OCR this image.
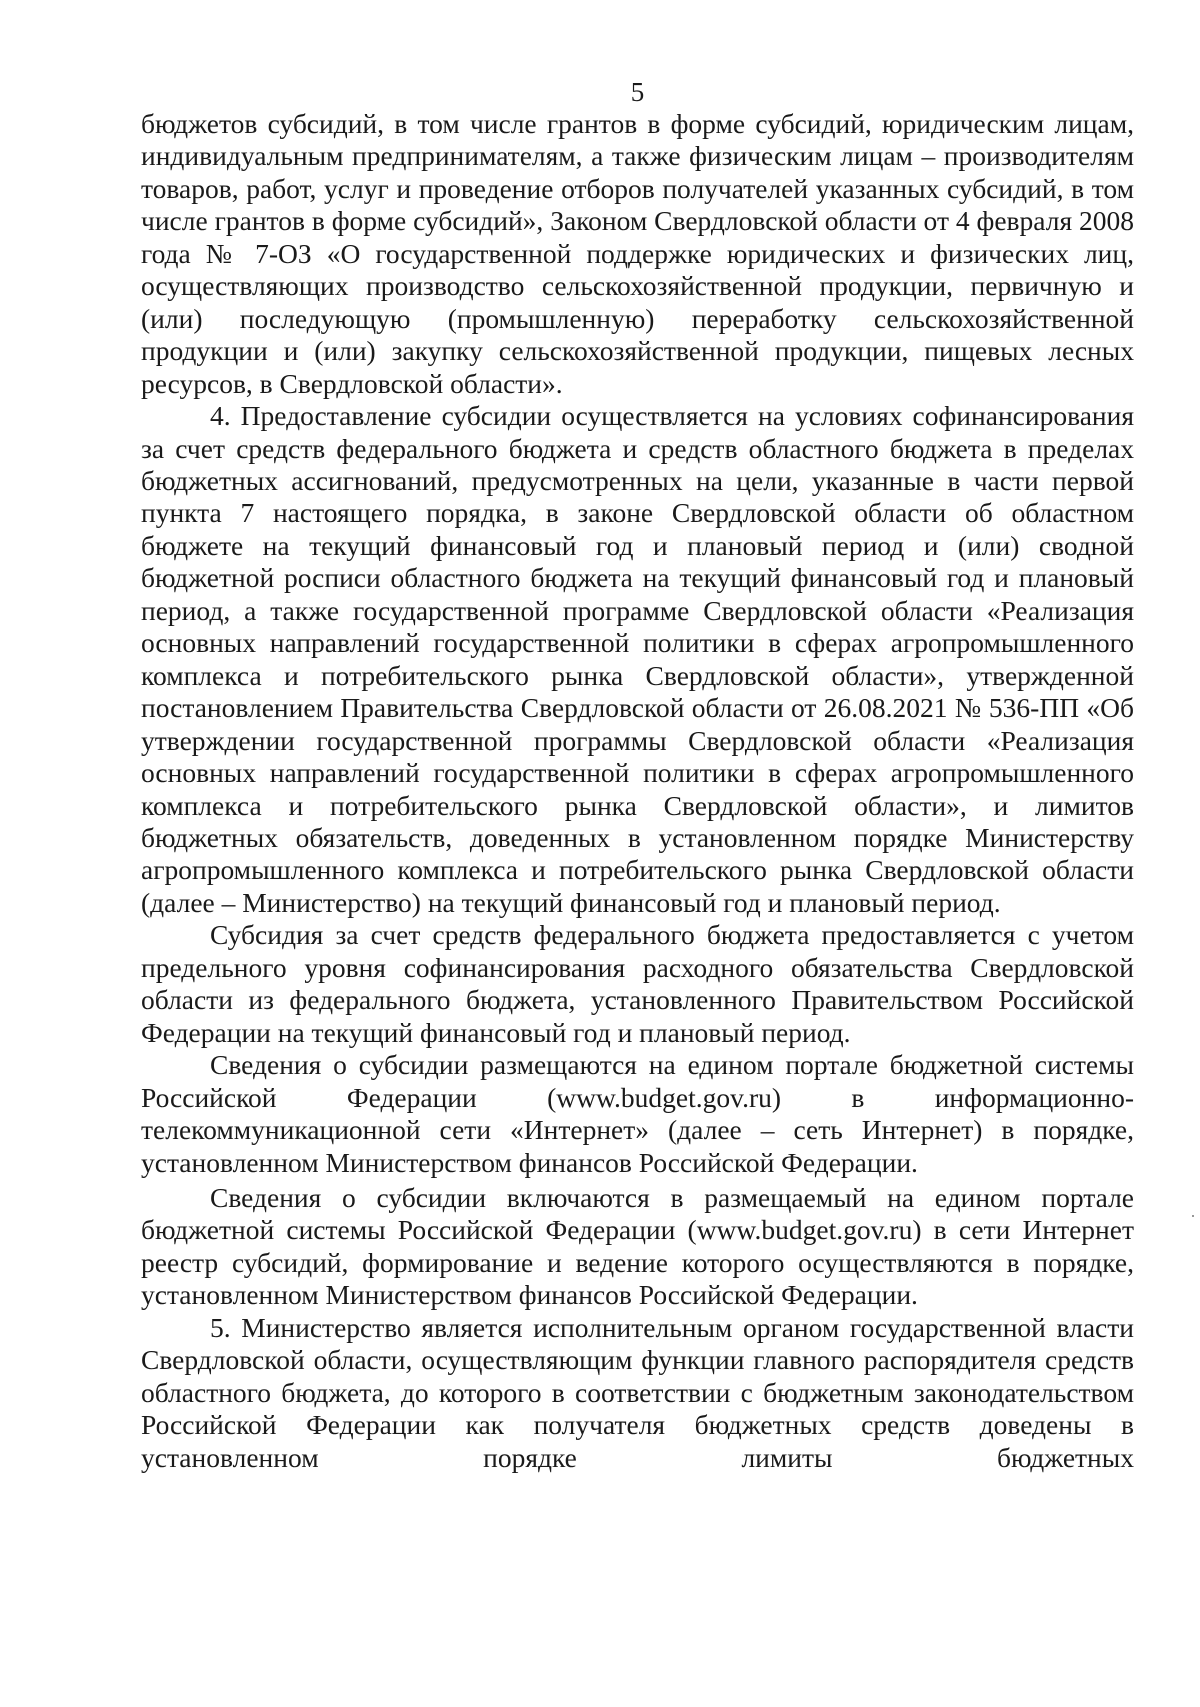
5

бюджетов субсидий, в том числе грантов в форме субсидий, юридическим лицам, индивидуальным предпринимателям, а также физическим лицам – производителям товаров, работ, услуг и проведение отборов получателей указанных субсидий, в том числе грантов в форме субсидий», Законом Свердловской области от 4 февраля 2008 года № 7-ОЗ «О государственной поддержке юридических и физических лиц, осуществляющих производство сельскохозяйственной продукции, первичную и (или) последующую (промышленную) переработку сельскохозяйственной продукции и (или) закупку сельскохозяйственной продукции, пищевых лесных ресурсов, в Свердловской области».

4. Предоставление субсидии осуществляется на условиях софинансирования за счет средств федерального бюджета и средств областного бюджета в пределах бюджетных ассигнований, предусмотренных на цели, указанные в части первой пункта 7 настоящего порядка, в законе Свердловской области об областном бюджете на текущий финансовый год и плановый период и (или) сводной бюджетной росписи областного бюджета на текущий финансовый год и плановый период, а также государственной программе Свердловской области «Реализация основных направлений государственной политики в сферах агропромышленного комплекса и потребительского рынка Свердловской области», утвержденной постановлением Правительства Свердловской области от 26.08.2021 № 536-ПП «Об утверждении государственной программы Свердловской области «Реализация основных направлений государственной политики в сферах агропромышленного комплекса и потребительского рынка Свердловской области», и лимитов бюджетных обязательств, доведенных в установленном порядке Министерству агропромышленного комплекса и потребительского рынка Свердловской области (далее – Министерство) на текущий финансовый год и плановый период.

Субсидия за счет средств федерального бюджета предоставляется с учетом предельного уровня софинансирования расходного обязательства Свердловской области из федерального бюджета, установленного Правительством Российской Федерации на текущий финансовый год и плановый период.

Сведения о субсидии размещаются на едином портале бюджетной системы Российской Федерации (www.budget.gov.ru) в информационно-телекоммуникационной сети «Интернет» (далее – сеть Интернет) в порядке, установленном Министерством финансов Российской Федерации.

Сведения о субсидии включаются в размещаемый на едином портале бюджетной системы Российской Федерации (www.budget.gov.ru) в сети Интернет реестр субсидий, формирование и ведение которого осуществляются в порядке, установленном Министерством финансов Российской Федерации.

5. Министерство является исполнительным органом государственной власти Свердловской области, осуществляющим функции главного распорядителя средств областного бюджета, до которого в соответствии с бюджетным законодательством Российской Федерации как получателя бюджетных средств доведены в установленном порядке лимиты бюджетных
